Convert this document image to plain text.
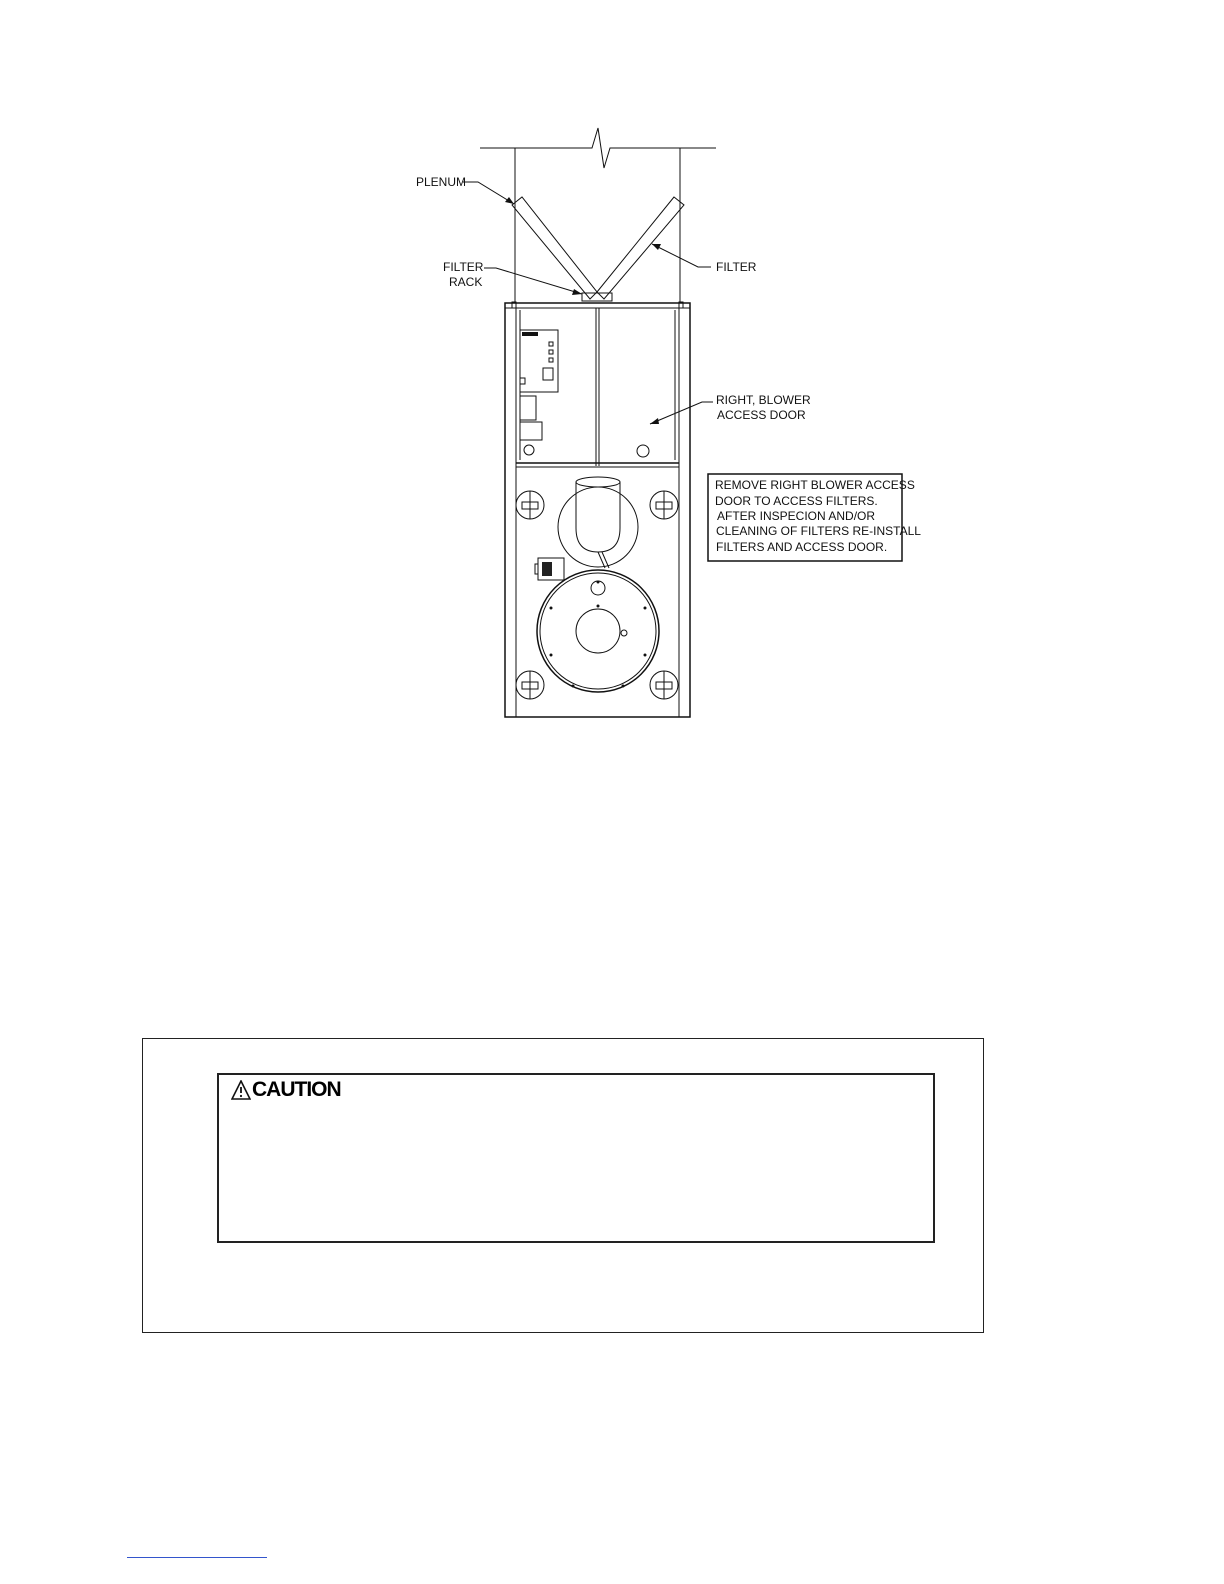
PLENUM
FILTER
RACK
FILTER
RIGHT, BLOWER
ACCESS DOOR
REMOVE RIGHT BLOWER ACCESS
DOOR TO ACCESS FILTERS.
AFTER INSPECION AND/OR
CLEANING OF FILTERS RE-INSTALL
FILTERS AND ACCESS DOOR.
CAUTION
